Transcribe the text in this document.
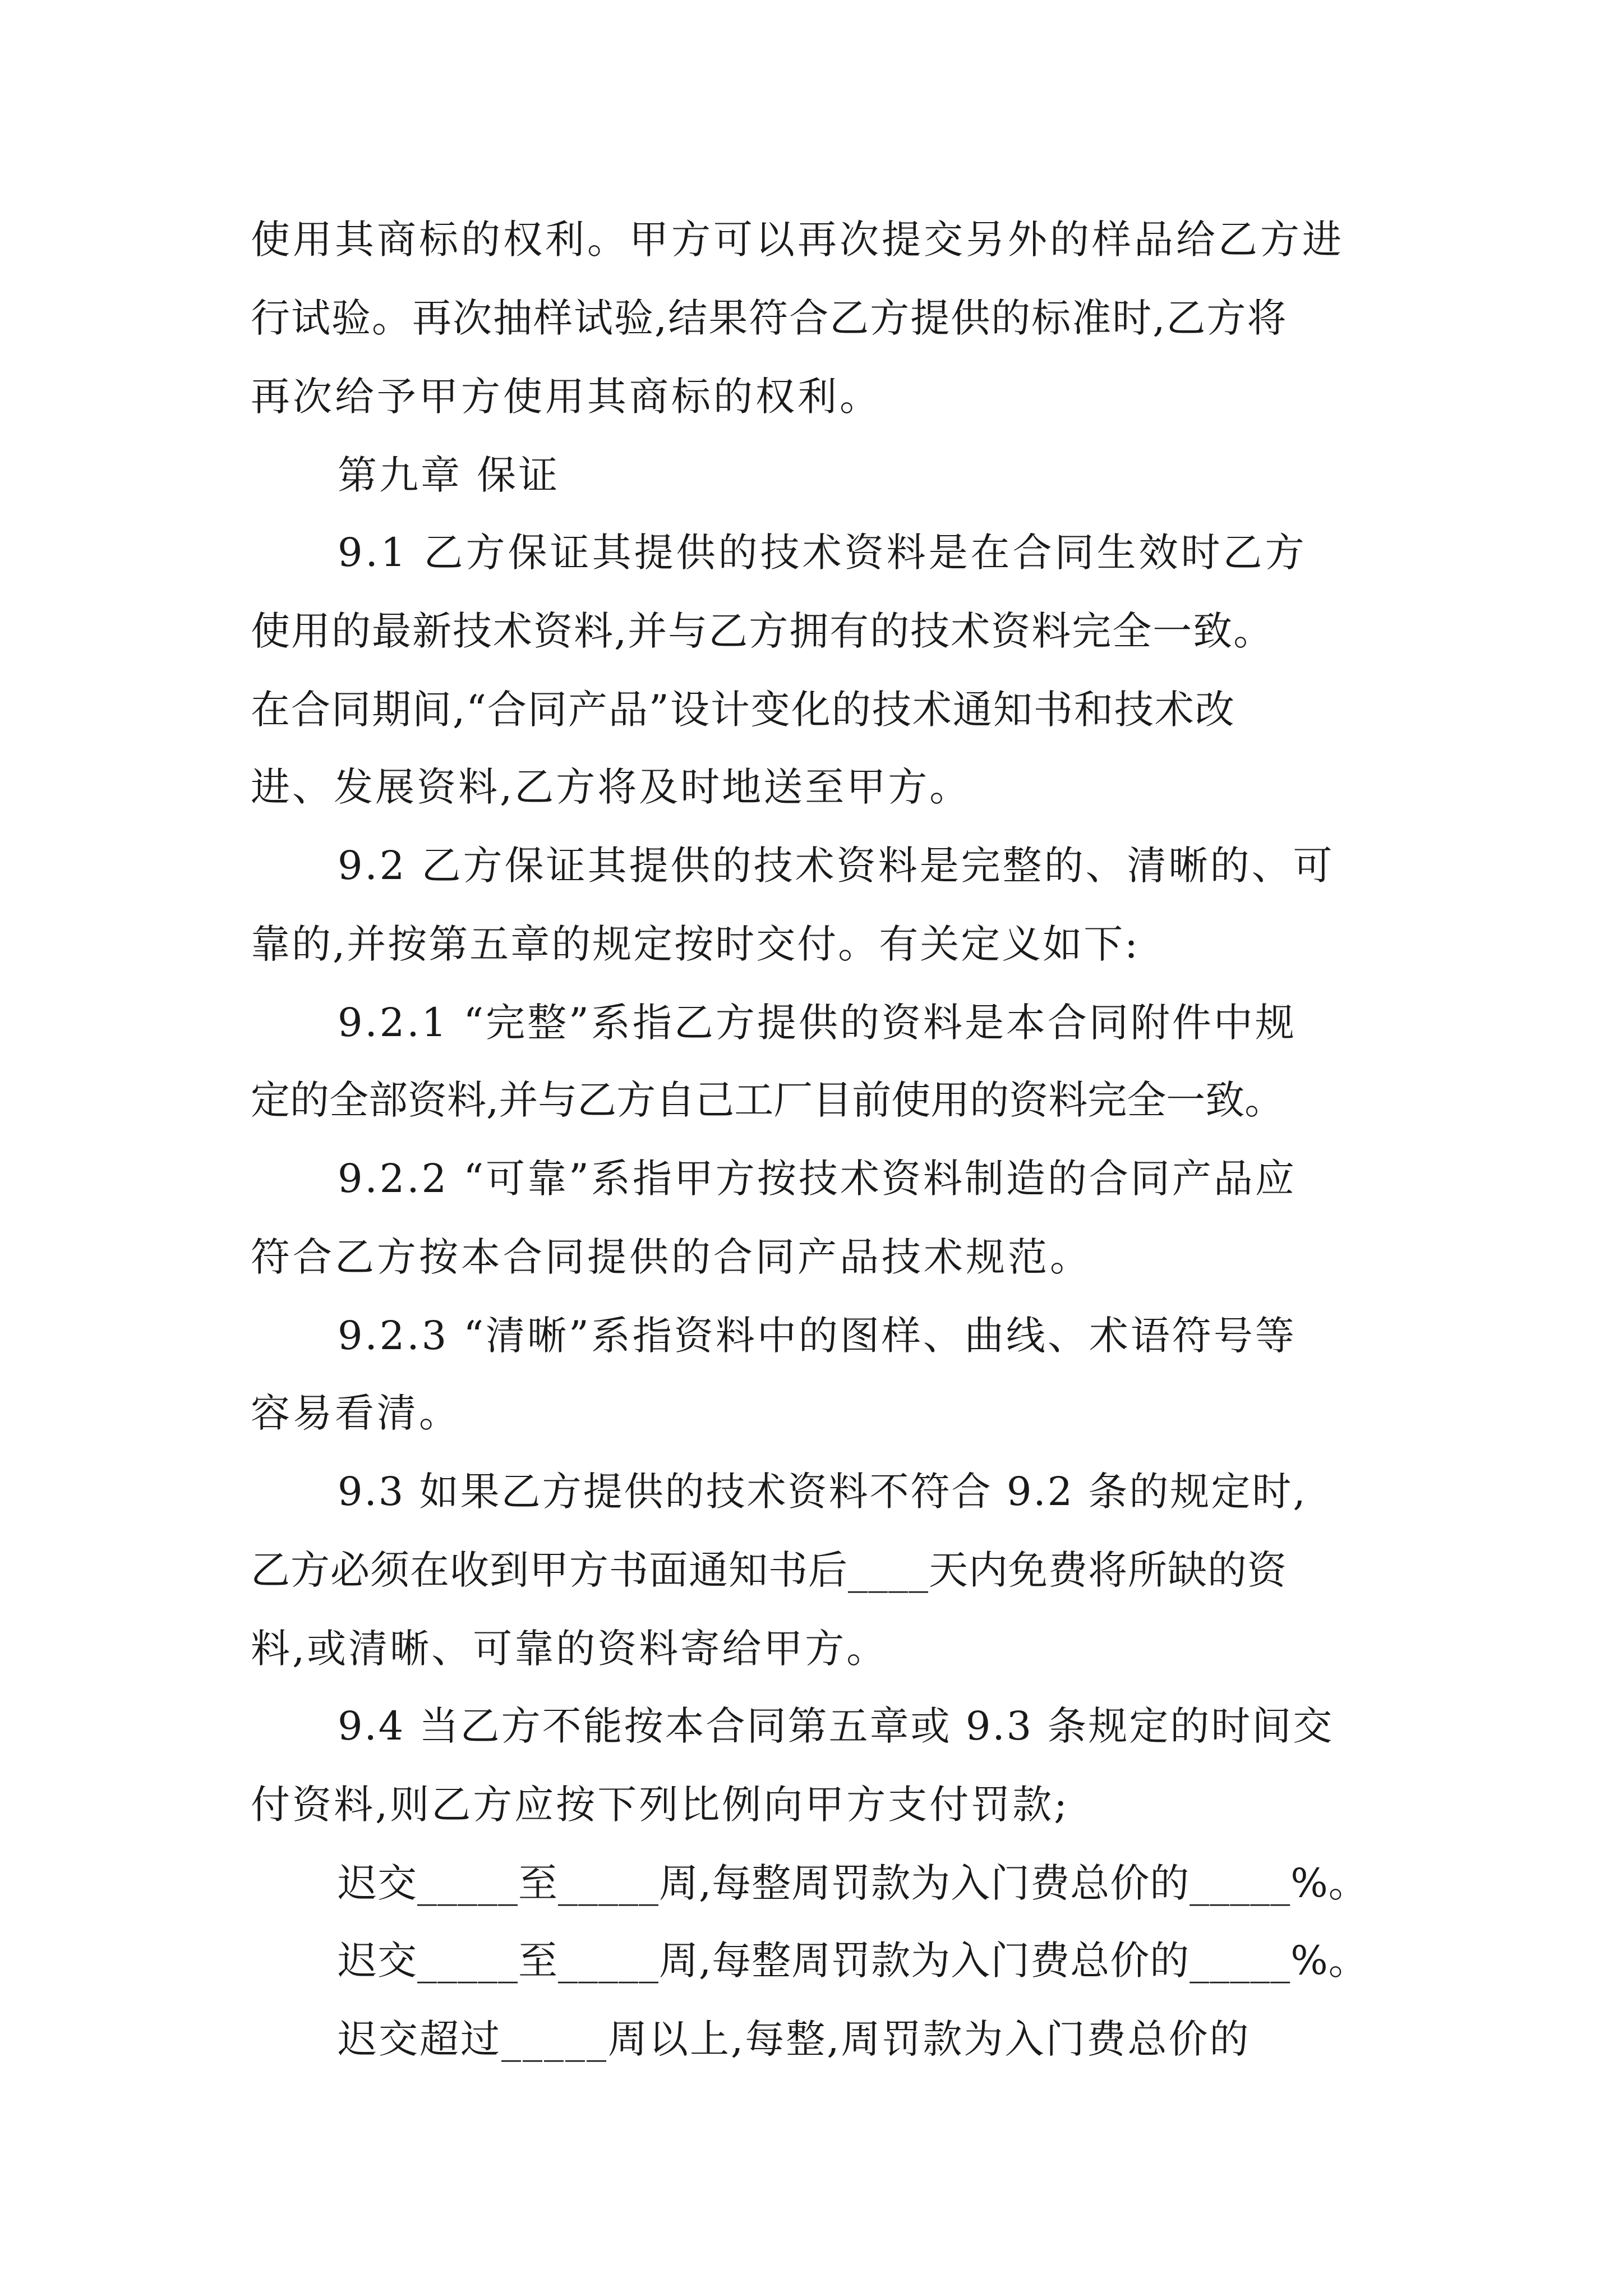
使用其商标的权利。甲方可以再次提交另外的样品给乙方进
行试验。再次抽样试验,结果符合乙方提供的标准时,乙方将
再次给予甲方使用其商标的权利。
第九章 保证
9.1 乙方保证其提供的技术资料是在合同生效时乙方
使用的最新技术资料,并与乙方拥有的技术资料完全一致。
在合同期间,“合同产品”设计变化的技术通知书和技术改
进、发展资料,乙方将及时地送至甲方。
9.2 乙方保证其提供的技术资料是完整的、清晰的、可
靠的,并按第五章的规定按时交付。有关定义如下:
9.2.1 “完整”系指乙方提供的资料是本合同附件中规
定的全部资料,并与乙方自己工厂目前使用的资料完全一致。
9.2.2 “可靠”系指甲方按技术资料制造的合同产品应
符合乙方按本合同提供的合同产品技术规范。
9.2.3 “清晰”系指资料中的图样、曲线、术语符号等
容易看清。
9.3 如果乙方提供的技术资料不符合 9.2 条的规定时,
乙方必须在收到甲方书面通知书后____天内免费将所缺的资
料,或清晰、可靠的资料寄给甲方。
9.4 当乙方不能按本合同第五章或 9.3 条规定的时间交
付资料,则乙方应按下列比例向甲方支付罚款;
迟交_____至_____周,每整周罚款为入门费总价的_____%。
迟交_____至_____周,每整周罚款为入门费总价的_____%。
迟交超过_____周以上,每整,周罚款为入门费总价的
